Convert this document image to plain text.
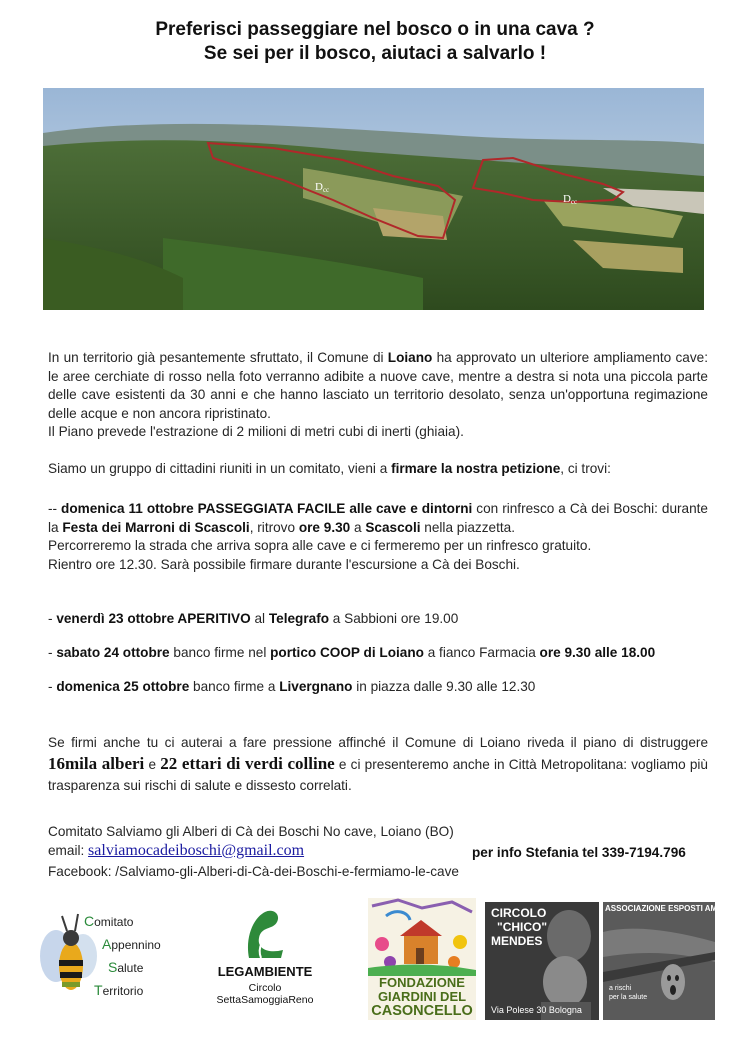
Preferisci passeggiare nel bosco o in una cava ?
Se sei per il bosco, aiutaci a salvarlo !
Dcc
Dcc
In un territorio già pesantemente sfruttato, il Comune di Loiano ha approvato un ulteriore ampliamento cave: le aree cerchiate di rosso nella foto verranno adibite a nuove cave, mentre a destra si nota una piccola parte delle cave esistenti da 30 anni e che hanno lasciato un territorio desolato, senza un'opportuna regimazione delle acque e non ancora ripristinato.
Il Piano prevede l'estrazione di 2 milioni di metri cubi di inerti (ghiaia).
Siamo un gruppo di cittadini riuniti in un comitato, vieni a firmare la nostra petizione, ci trovi:
-- domenica 11 ottobre PASSEGGIATA FACILE alle cave e dintorni con rinfresco a Cà dei Boschi: durante la Festa dei Marroni di Scascoli, ritrovo ore 9.30 a Scascoli nella piazzetta.
Percorreremo la strada che arriva sopra alle cave e ci fermeremo per un rinfresco gratuito.
Rientro ore 12.30. Sarà possibile firmare durante l'escursione a Cà dei Boschi.
- venerdì 23 ottobre APERITIVO al Telegrafo a Sabbioni ore 19.00
- sabato 24 ottobre banco firme nel portico COOP di Loiano a fianco Farmacia ore 9.30 alle 18.00
- domenica 25 ottobre banco firme a Livergnano in piazza dalle 9.30 alle 12.30
Se firmi anche tu ci auterai a fare pressione affinché il Comune di Loiano riveda il piano di distruggere 16mila alberi e 22 ettari di verdi colline e ci presenteremo anche in Città Metropolitana: vogliamo più trasparenza sui rischi di salute e dissesto correlati.
Comitato Salviamo gli Alberi di Cà dei Boschi No cave, Loiano (BO)
email: salviamocadeiboschi@gmail.com	per info Stefania tel 339-7194.796
Facebook: /Salviamo-gli-Alberi-di-Cà-dei-Boschi-e-fermiamo-le-cave
Comitato
Appennino
Salute
Territorio
LEGAMBIENTE
Circolo SettaSamoggiaReno
FONDAZIONE
GIARDINI DEL
CASONCELLO
CIRCOLO
"CHICO"
MENDES
Via Polese 30 Bologna
ASSOCIAZIONE ESPOSTI AMIANTO
a rischi
per la salute
